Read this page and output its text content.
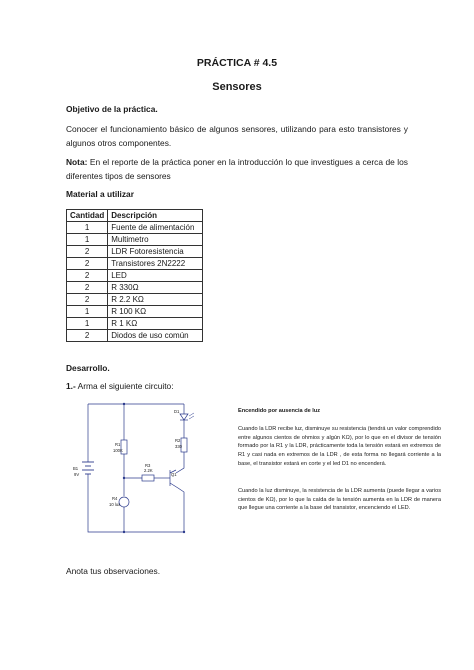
PRÁCTICA # 4.5
Sensores
Objetivo de la práctica.
Conocer el funcionamiento básico de algunos sensores, utilizando para esto transistores y algunos otros componentes.
Nota: En el reporte de la práctica poner en la introducción lo que investigues a cerca de los diferentes tipos de sensores
Material a utilizar
Cantidad	Descripción
1	Fuente de alimentación
1	Multimetro
2	LDR Fotoresistencia
2	Transistores 2N2222
2	LED
2	R 330Ω
2	R 2.2 KΩ
1	R 100 KΩ
1	R 1 KΩ
2	Diodos de uso común
Desarrollo.
1.- Arma el siguiente circuito:
D1
R1
100K
R2
330
R3
2.2K
Q1
B1
9V
R4
10 lux
Encendido por ausencia de luz
Cuando la LDR recibe luz, disminuye su resistencia (tendrá un valor comprendido entre algunos cientos de ohmios y algún KΩ), por lo que en el divisor de tensión formado por la R1 y la LDR, prácticamente toda la tensión estará en extremos de R1 y casi nada en extremos de la LDR , de esta forma no llegará corriente a la base, el transistor estará en corte y el led D1 no encenderá.
Cuando la luz disminuye, la resistencia de la LDR aumenta (puede llegar a varios cientos de KΩ), por lo que la caída de la tensión aumenta en la LDR de manera que llegue una corriente a la base del transistor, encenciendo el LED.
Anota tus observaciones.
